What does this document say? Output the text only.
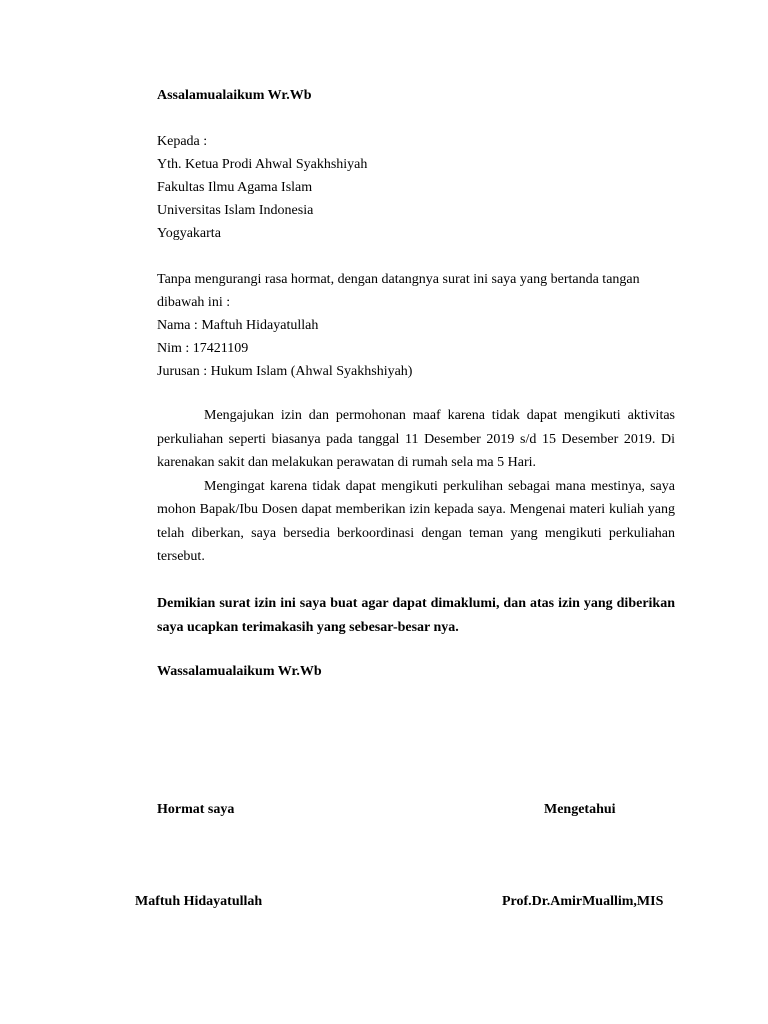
Assalamualaikum Wr.Wb

Kepada :

Yth. Ketua Prodi Ahwal Syakhshiyah

Fakultas Ilmu Agama Islam

Universitas Islam Indonesia

Yogyakarta

Tanpa mengurangi rasa hormat, dengan datangnya surat ini saya yang bertanda tangan

dibawah ini :

Nama : Maftuh Hidayatullah

Nim : 17421109

Jurusan : Hukum Islam (Ahwal Syakhshiyah)

Mengajukan izin dan permohonan maaf karena tidak dapat mengikuti aktivitas perkuliahan seperti biasanya pada tanggal 11 Desember 2019 s/d 15 Desember 2019. Di karenakan sakit dan melakukan perawatan di rumah sela ma 5 Hari.

Mengingat karena tidak dapat mengikuti perkulihan sebagai mana mestinya, saya mohon Bapak/Ibu Dosen dapat memberikan izin kepada saya. Mengenai materi kuliah yang telah diberkan, saya bersedia berkoordinasi dengan teman yang mengikuti perkuliahan tersebut.

Demikian surat izin ini saya buat agar dapat dimaklumi, dan atas izin yang diberikan saya ucapkan terimakasih yang sebesar-besar nya.

Wassalamualaikum Wr.Wb

Hormat saya	Mengetahui

Maftuh Hidayatullah	Prof.Dr.AmirMuallim,MIS
